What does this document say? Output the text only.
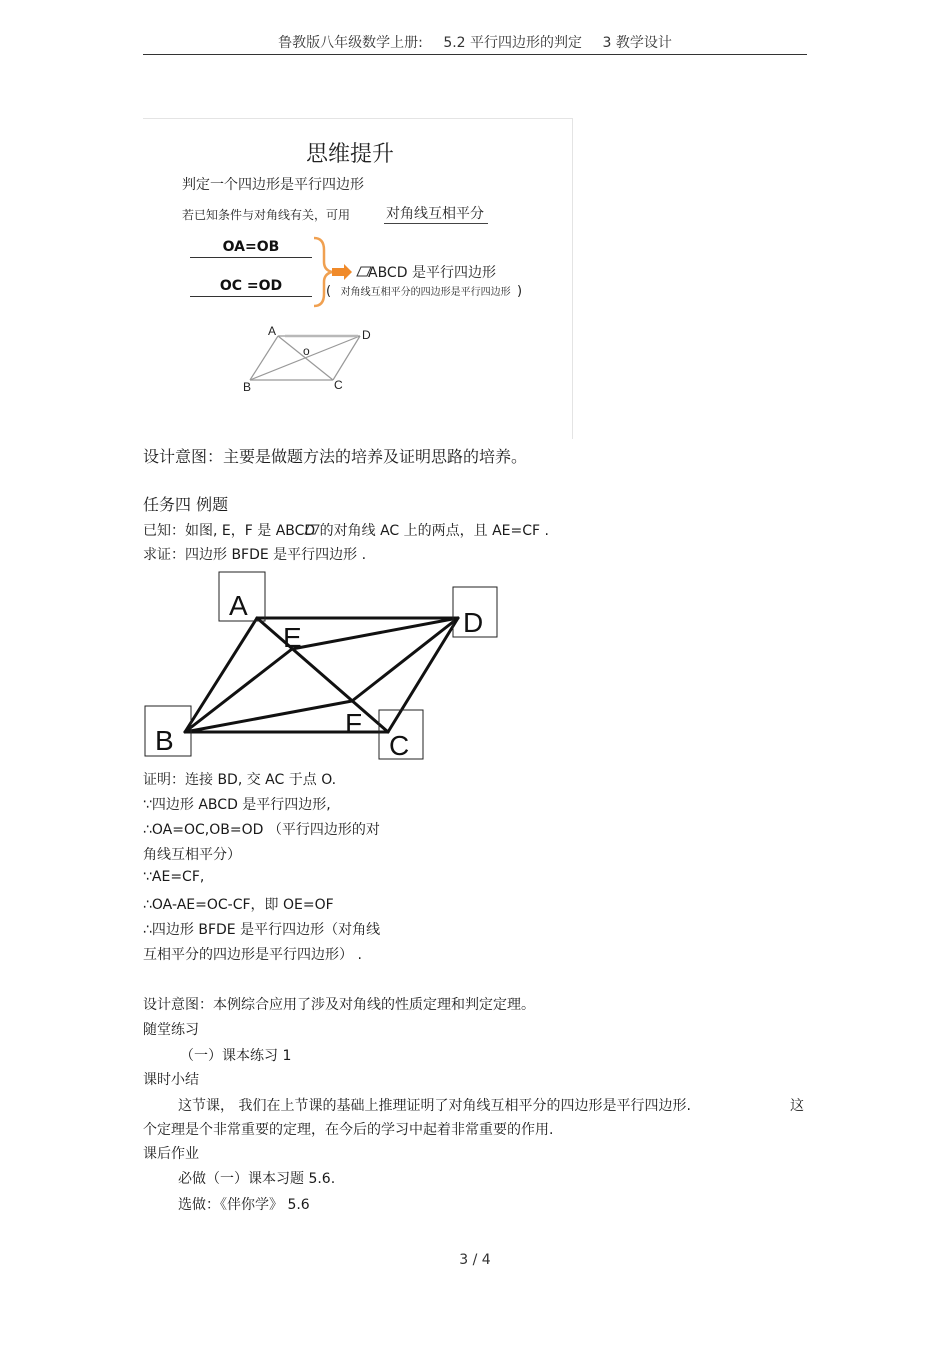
鲁教版八年级数学上册: 5.2 平行四边形的判定 3 教学设计
思维提升
判定一个四边形是平行四边形
若已知条件与对角线有关，可用	对角线互相平分
OA=OB
OC =OD
ABCD 是平行四边形
( 对角线互相平分的四边形是平行四边形 )
A	D
o
B	C
设计意图：主要是做题方法的培养及证明思路的培养。
任务四 例题
已知：如图, E，F 是 ABCD 的对角线 AC 上的两点，且 AE=CF .
求证：四边形 BFDE 是平行四边形 .
A
D
B	C
E
F
证明：连接 BD, 交 AC 于点 O.
∵四边形 ABCD 是平行四边形,
∴OA=OC,OB=OD （平行四边形的对
角线互相平分）
∵AE=CF,
∴OA-AE=OC-CF，即 OE=OF
∴四边形 BFDE 是平行四边形（对角线
互相平分的四边形是平行四边形） .
设计意图：本例综合应用了涉及对角线的性质定理和判定定理。
随堂练习
（一）课本练习 1
课时小结
这节课， 我们在上节课的基础上推理证明了对角线互相平分的四边形是平行四边形.	这
个定理是个非常重要的定理，在今后的学习中起着非常重要的作用.
课后作业
必做（一）课本习题 5.6.
选做：《伴你学》 5.6
3 / 4
